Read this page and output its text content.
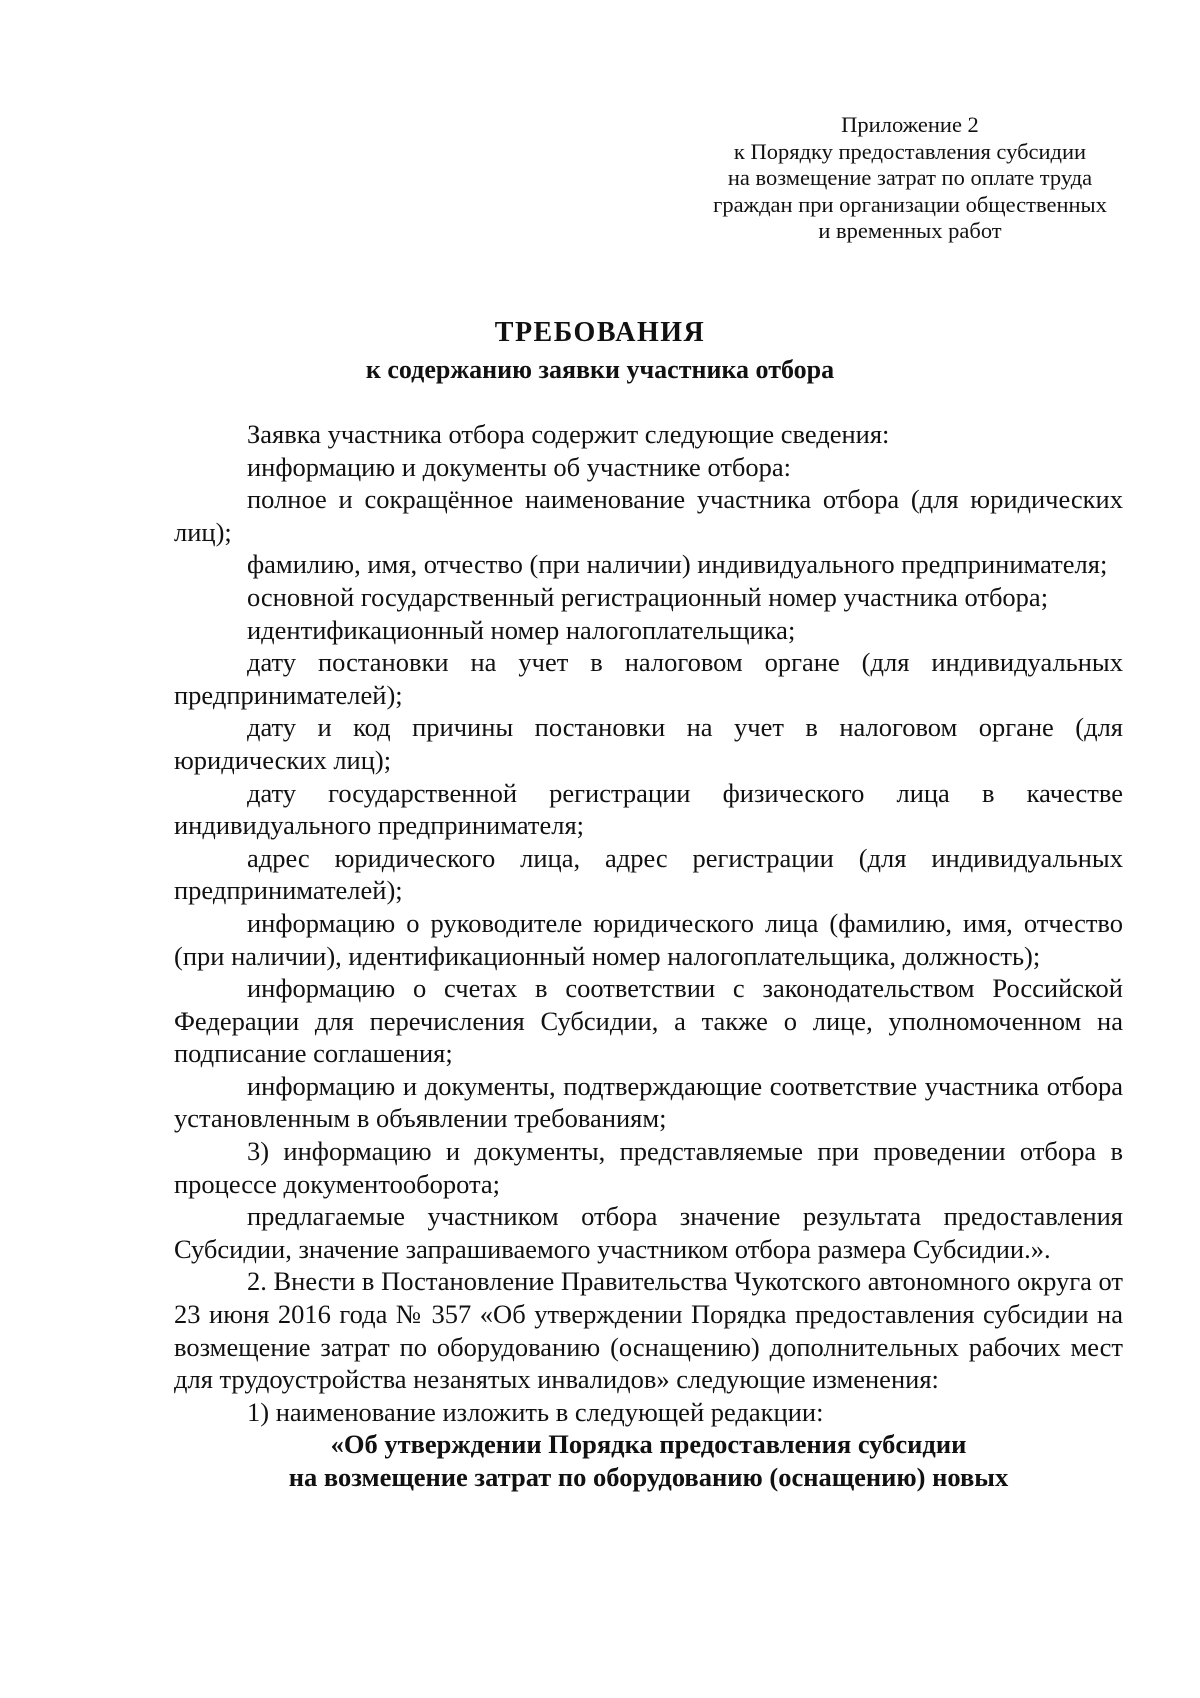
Приложение 2
к Порядку предоставления субсидии
на возмещение затрат по оплате труда
граждан при организации общественных
и временных работ
ТРЕБОВАНИЯ
к содержанию заявки участника отбора

Заявка участника отбора содержит следующие сведения:

информацию и документы об участнике отбора:

полное и сокращённое наименование участника отбора (для юридических лиц);

фамилию, имя, отчество (при наличии) индивидуального предпринимателя;

основной государственный регистрационный номер участника отбора;

идентификационный номер налогоплательщика;

дату постановки на учет в налоговом органе (для индивидуальных предпринимателей);

дату и код причины постановки на учет в налоговом органе (для юридических лиц);

дату государственной регистрации физического лица в качестве индивидуального предпринимателя;

адрес юридического лица, адрес регистрации (для индивидуальных предпринимателей);

информацию о руководителе юридического лица (фамилию, имя, отчество (при наличии), идентификационный номер налогоплательщика, должность);

информацию о счетах в соответствии с законодательством Российской Федерации для перечисления Субсидии, а также о лице, уполномоченном на подписание соглашения;

информацию и документы, подтверждающие соответствие участника отбора установленным в объявлении требованиям;

3) информацию и документы, представляемые при проведении отбора в процессе документооборота;

предлагаемые участником отбора значение результата предоставления Субсидии, значение запрашиваемого участником отбора размера Субсидии.».

2. Внести в Постановление Правительства Чукотского автономного округа от 23 июня 2016 года № 357 «Об утверждении Порядка предоставления субсидии на возмещение затрат по оборудованию (оснащению) дополнительных рабочих мест для трудоустройства незанятых инвалидов» следующие изменения:

1) наименование изложить в следующей редакции:

«Об утверждении Порядка предоставления субсидии

на возмещение затрат по оборудованию (оснащению) новых
